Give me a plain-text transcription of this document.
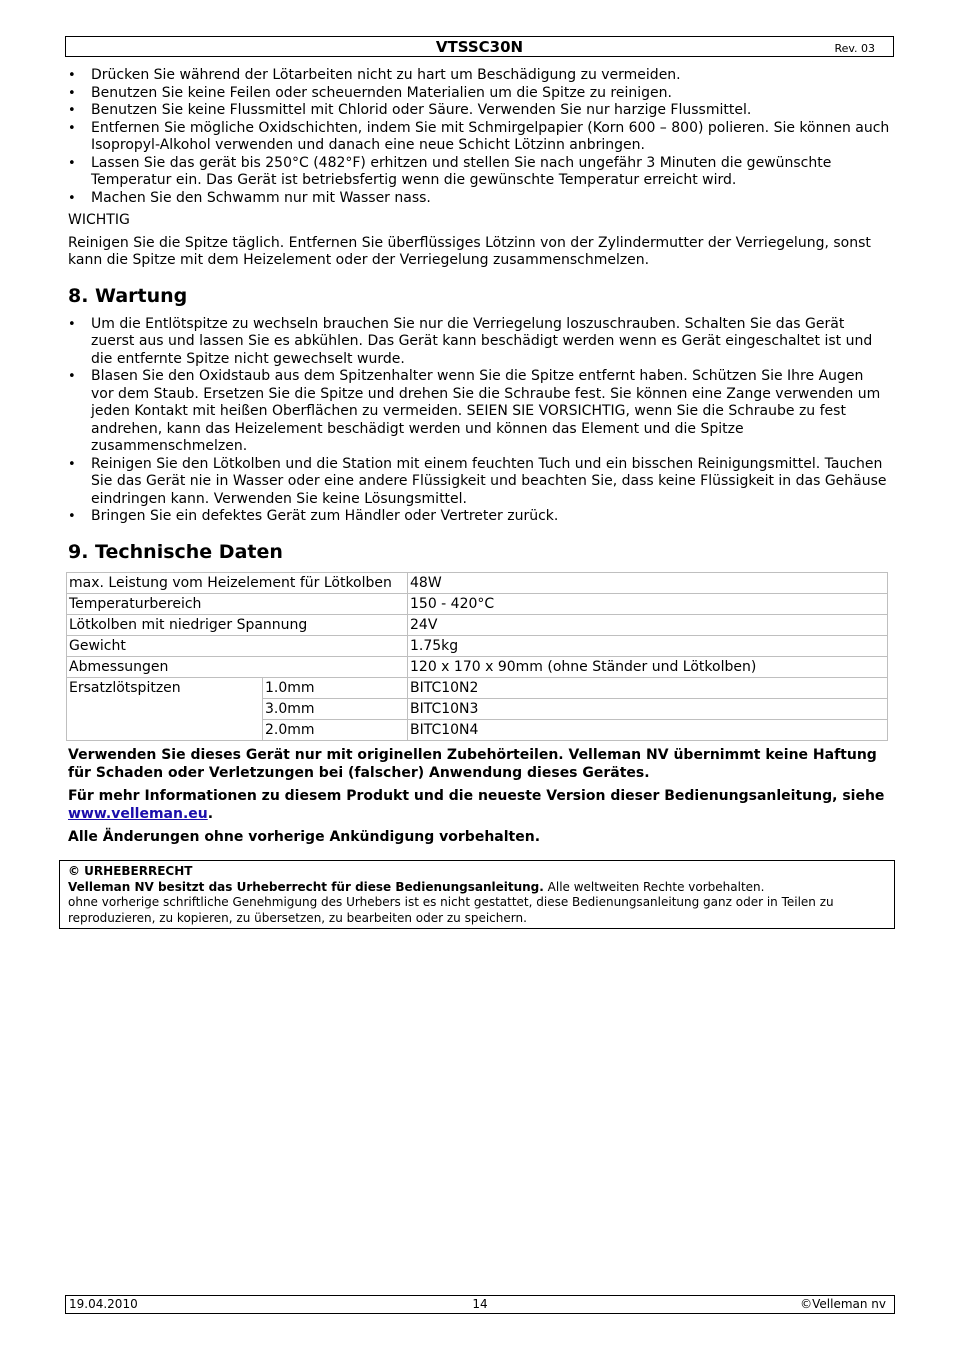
VTSSC30N	Rev. 03
• Drücken Sie während der Lötarbeiten nicht zu hart um Beschädigung zu vermeiden.
• Benutzen Sie keine Feilen oder scheuernden Materialien um die Spitze zu reinigen.
• Benutzen Sie keine Flussmittel mit Chlorid oder Säure. Verwenden Sie nur harzige Flussmittel.
• Entfernen Sie mögliche Oxidschichten, indem Sie mit Schmirgelpapier (Korn 600 – 800) polieren. Sie können auch Isopropyl-Alkohol verwenden und danach eine neue Schicht Lötzinn anbringen.
• Lassen Sie das gerät bis 250°C (482°F) erhitzen und stellen Sie nach ungefähr 3 Minuten die gewünschte Temperatur ein. Das Gerät ist betriebsfertig wenn die gewünschte Temperatur erreicht wird.
• Machen Sie den Schwamm nur mit Wasser nass.

WICHTIG

Reinigen Sie die Spitze täglich. Entfernen Sie überflüssiges Lötzinn von der Zylindermutter der Verriegelung, sonst kann die Spitze mit dem Heizelement oder der Verriegelung zusammenschmelzen.

8. Wartung
• Um die Entlötspitze zu wechseln brauchen Sie nur die Verriegelung loszuschrauben. Schalten Sie das Gerät zuerst aus und lassen Sie es abkühlen. Das Gerät kann beschädigt werden wenn es Gerät eingeschaltet ist und die entfernte Spitze nicht gewechselt wurde.
• Blasen Sie den Oxidstaub aus dem Spitzenhalter wenn Sie die Spitze entfernt haben. Schützen Sie Ihre Augen vor dem Staub. Ersetzen Sie die Spitze und drehen Sie die Schraube fest. Sie können eine Zange verwenden um jeden Kontakt mit heißen Oberflächen zu vermeiden. SEIEN SIE VORSICHTIG, wenn Sie die Schraube zu fest andrehen, kann das Heizelement beschädigt werden und können das Element und die Spitze zusammenschmelzen.
• Reinigen Sie den Lötkolben und die Station mit einem feuchten Tuch und ein bisschen Reinigungsmittel. Tauchen Sie das Gerät nie in Wasser oder eine andere Flüssigkeit und beachten Sie, dass keine Flüssigkeit in das Gehäuse eindringen kann. Verwenden Sie keine Lösungsmittel.
• Bringen Sie ein defektes Gerät zum Händler oder Vertreter zurück.
9. Technische Daten
max. Leistung vom Heizelement für Lötkolben		48W
Temperaturbereich		150 - 420°C
Lötkolben mit niedriger Spannung		24V
Gewicht		1.75kg
Abmessungen		120 x 170 x 90mm (ohne Ständer und Lötkolben)
Ersatzlötspitzen	1.0mm	BITC10N2
	3.0mm	BITC10N3
	2.0mm	BITC10N4

Verwenden Sie dieses Gerät nur mit originellen Zubehörteilen. Velleman NV übernimmt keine Haftung für Schaden oder Verletzungen bei (falscher) Anwendung dieses Gerätes.

Für mehr Informationen zu diesem Produkt und die neueste Version dieser Bedienungsanleitung, siehe www.velleman.eu.

Alle Änderungen ohne vorherige Ankündigung vorbehalten.

© URHEBERRECHT
Velleman NV besitzt das Urheberrecht für diese Bedienungsanleitung. Alle weltweiten Rechte vorbehalten.
ohne vorherige schriftliche Genehmigung des Urhebers ist es nicht gestattet, diese Bedienungsanleitung ganz oder in Teilen zu reproduzieren, zu kopieren, zu übersetzen, zu bearbeiten oder zu speichern.
19.04.2010	14	©Velleman nv
